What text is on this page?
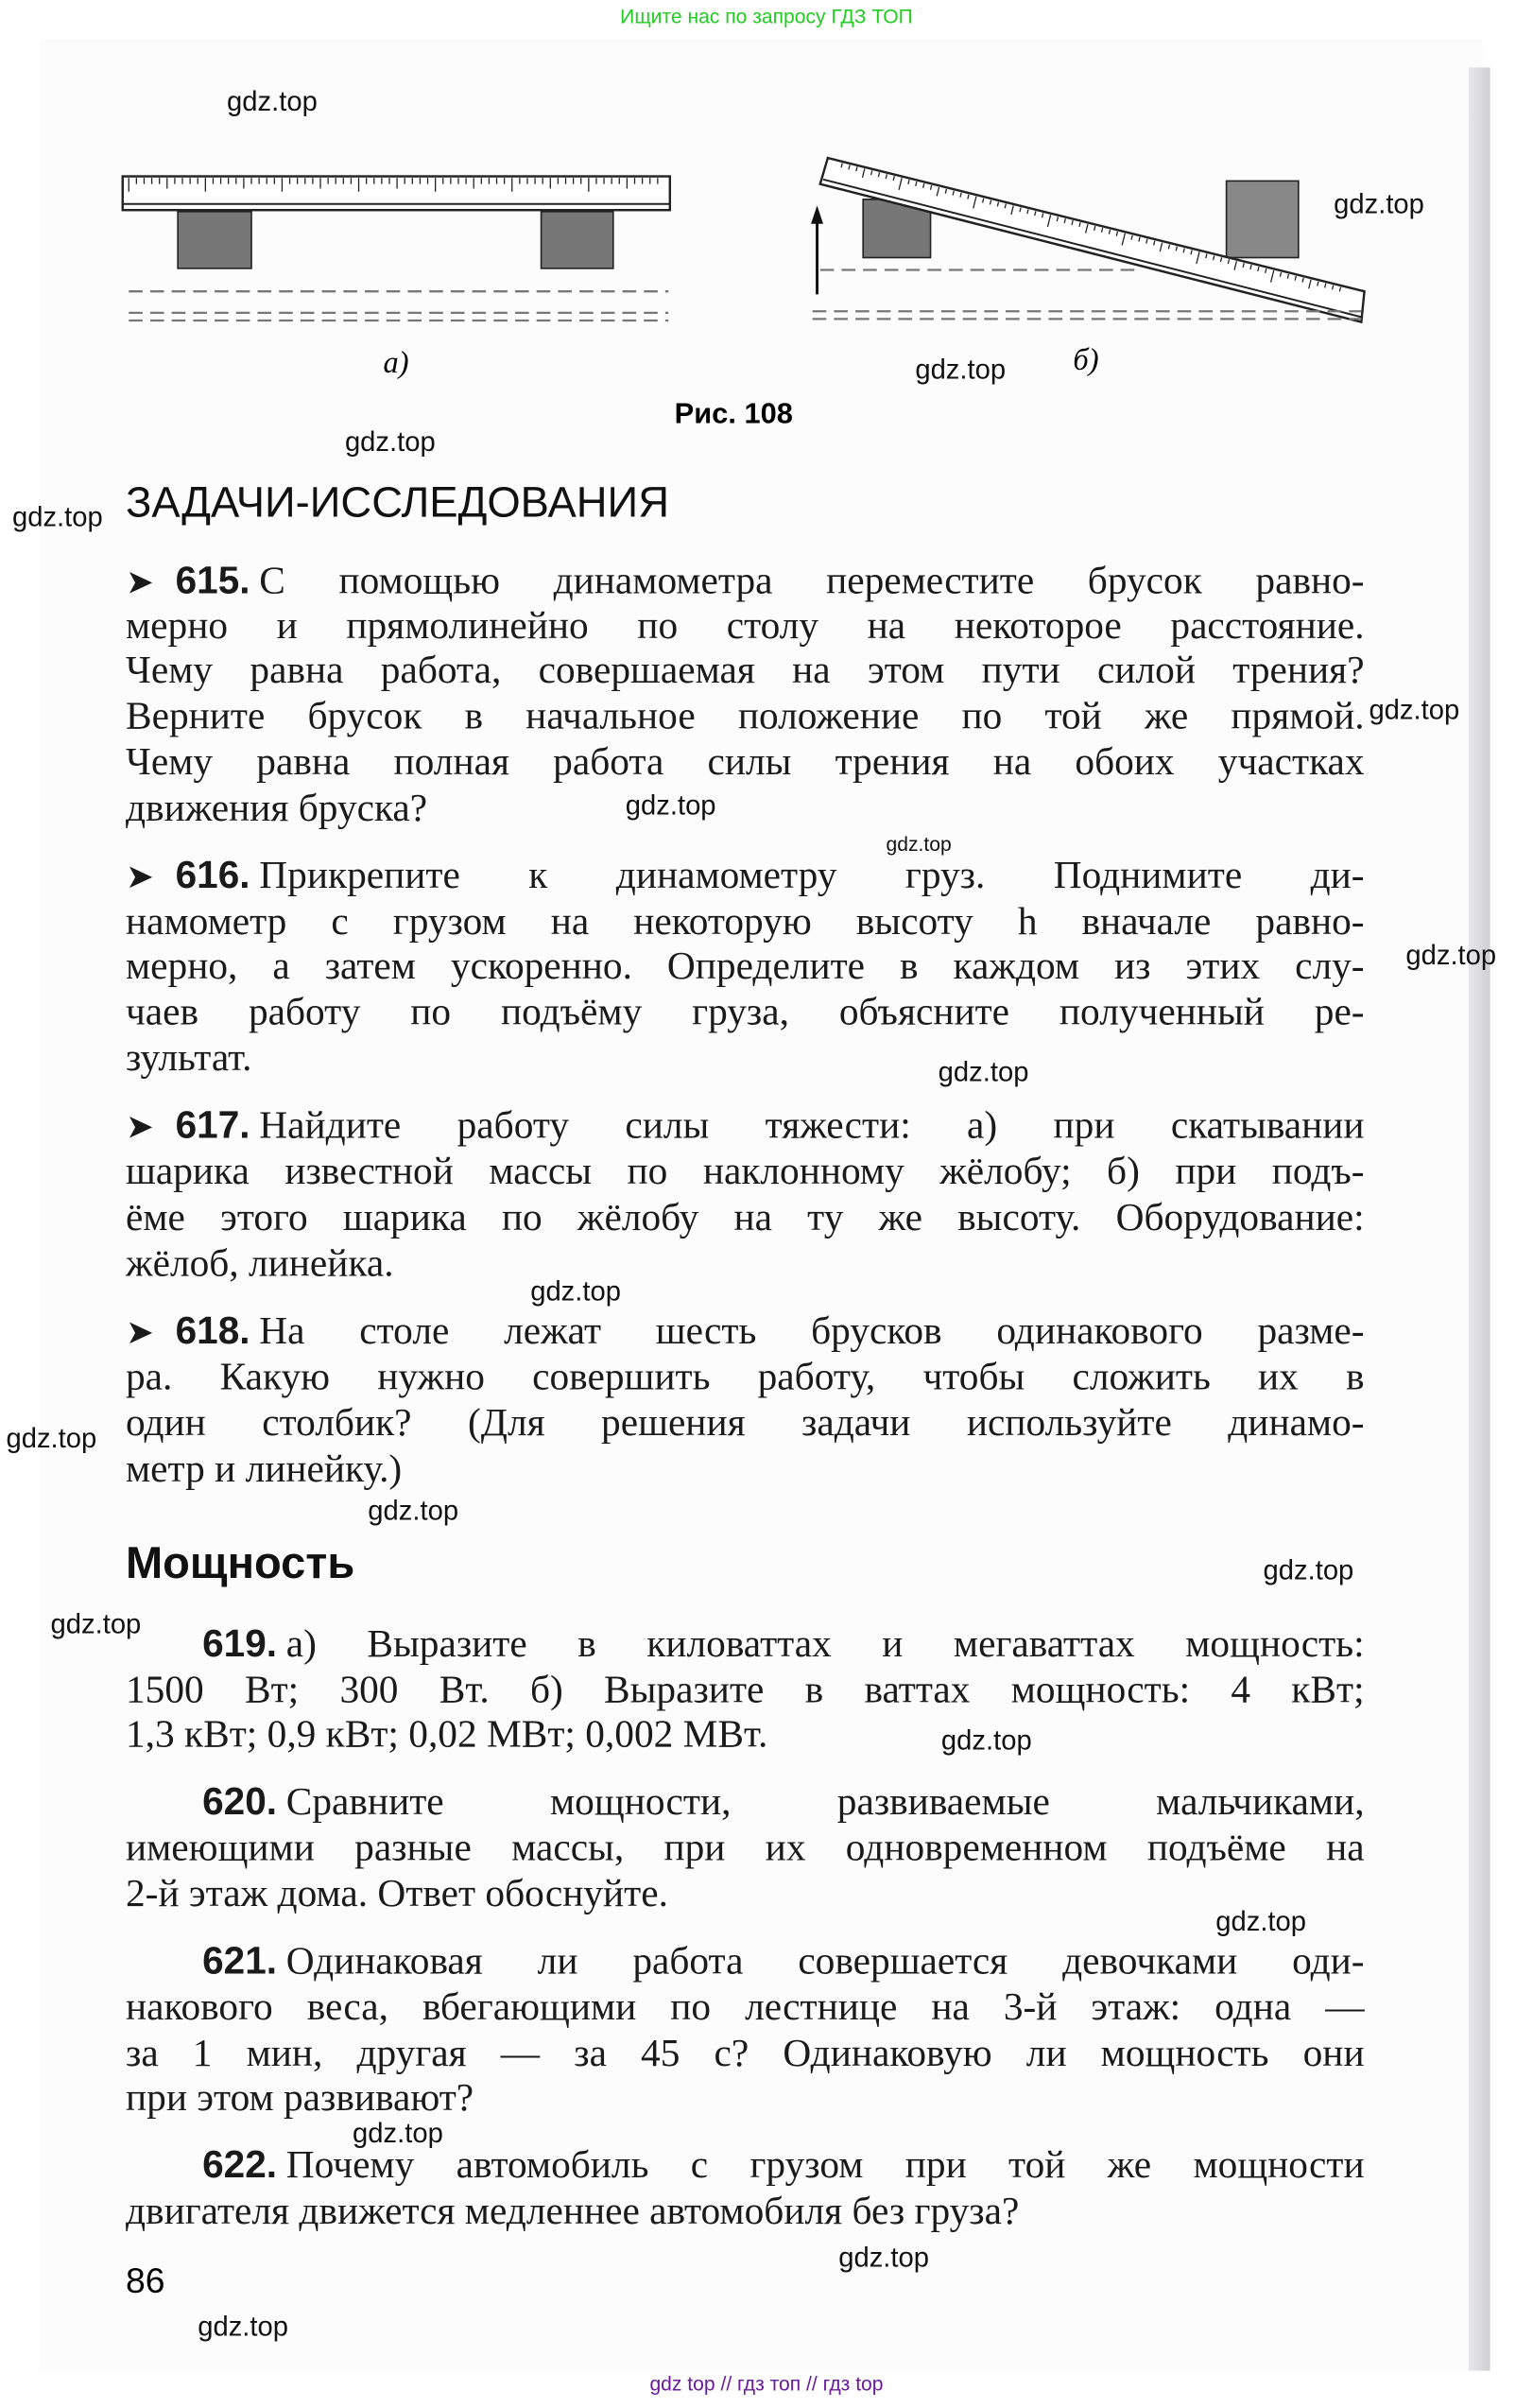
Ищите нас по запросу ГДЗ ТОП
а)	б)
Рис. 108
ЗАДАЧИ-ИССЛЕДОВАНИЯ
Мощность
➤ 615. С помощью динамометра переместите брусок равно-
мерно и прямолинейно по столу на некоторое расстояние.
Чему равна работа, совершаемая на этом пути силой трения?
Верните брусок в начальное положение по той же прямой.
Чему равна полная работа силы трения на обоих участках
движения бруска?
➤ 616. Прикрепите к динамометру груз. Поднимите ди-
намометр с грузом на некоторую высоту h вначале равно-
мерно, а затем ускоренно. Определите в каждом из этих слу-
чаев работу по подъёму груза, объясните полученный ре-
зультат.
➤ 617. Найдите работу силы тяжести: а) при скатывании
шарика известной массы по наклонному жёлобу; б) при подъ-
ёме этого шарика по жёлобу на ту же высоту. Оборудование:
жёлоб, линейка.
➤ 618. На столе лежат шесть брусков одинакового разме-
ра. Какую нужно совершить работу, чтобы сложить их в
один столбик? (Для решения задачи используйте динамо-
метр и линейку.)
619. а) Выразите в киловаттах и мегаваттах мощность:
1500 Вт; 300 Вт. б) Выразите в ваттах мощность: 4 кВт;
1,3 кВт; 0,9 кВт; 0,02 МВт; 0,002 МВт.
620. Сравните мощности, развиваемые мальчиками,
имеющими разные массы, при их одновременном подъёме на
2-й этаж дома. Ответ обоснуйте.
621. Одинаковая ли работа совершается девочками оди-
накового веса, вбегающими по лестнице на 3-й этаж: одна —
за 1 мин, другая — за 45 с? Одинаковую ли мощность они
при этом развивают?
622. Почему автомобиль с грузом при той же мощности
двигателя движется медленнее автомобиля без груза?
gdz.top
gdz.top
gdz.top
gdz.top
gdz.top
gdz.top
gdz.top
gdz.top
gdz.top
gdz.top
gdz.top
gdz.top
gdz.top
gdz.top
gdz.top
gdz.top
gdz.top
gdz.top
gdz.top
gdz.top
86
gdz top // гдз топ // гдз top
